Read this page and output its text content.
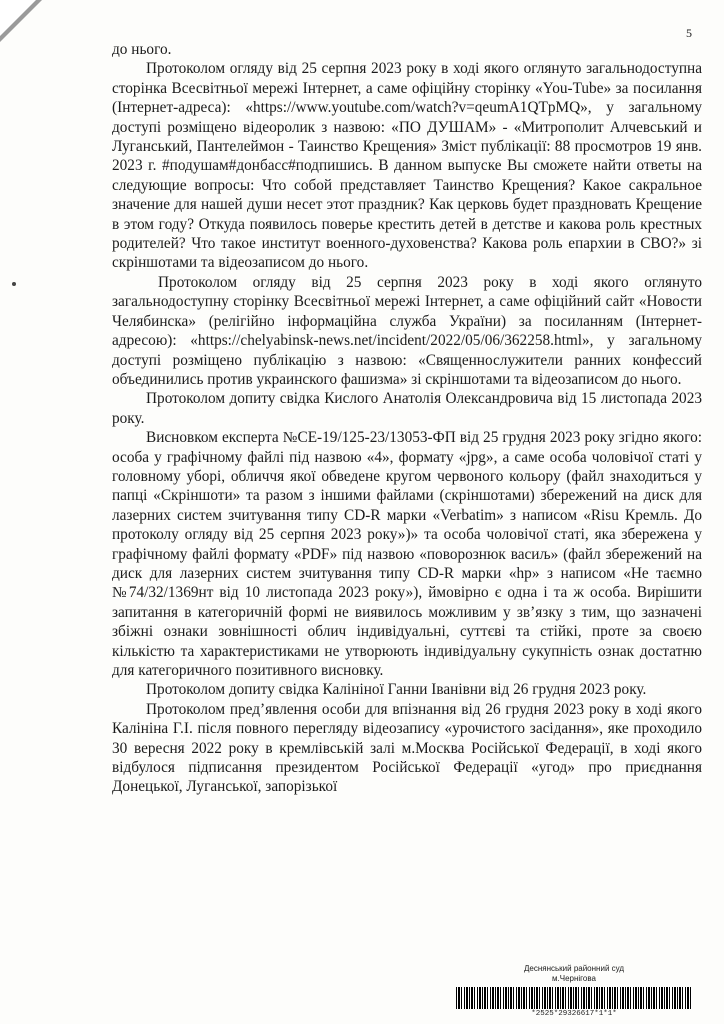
5

до нього.

Протоколом огляду від 25 серпня 2023 року в ході якого оглянуто загальнодоступна сторінка Всесвітньої мережі Інтернет, а саме офіційну сторінку «You-Tube» за посилання (Інтернет-адреса): «https://www.youtube.com/watch?v=qeumA1QTpMQ», у загальному доступі розміщено відеоролик з назвою: «ПО ДУШАМ» - «Митрополит Алчевський и Луганський, Пантелеймон - Таинство Крещения» Зміст публікації: 88 просмотров 19 янв. 2023 г. #подушам#донбасс#подпишись. В данном выпуске Вы сможете найти ответы на следующие вопросы: Что собой представляет Таинство Крещения? Какое сакральное значение для нашей души несет этот праздник? Как церковь будет праздновать Крещение в этом году? Откуда появилось поверье крестить детей в детстве и какова роль крестных родителей? Что такое институт военного-духовенства? Какова роль епархии в СВО?» зі скріншотами та відеозаписом до нього.

Протоколом огляду від 25 серпня 2023 року в ході якого оглянуто загальнодоступну сторінку Всесвітньої мережі Інтернет, а саме офіційний сайт «Новости Челябинска» (релігійно інформаційна служба України) за посиланням (Інтернет-адресою): «https://chelyabinsk-news.net/incident/2022/05/06/362258.html», у загальному доступі розміщено публікацію з назвою: «Священнослужители ранних конфессий объединились против украинского фашизма» зі скріншотами та відеозаписом до нього.

Протоколом допиту свідка Кислого Анатолія Олександровича від 15 листопада 2023 року.

Висновком експерта №СЕ-19/125-23/13053-ФП від 25 грудня 2023 року згідно якого: особа у графічному файлі під назвою «4», формату «jpg», а саме особа чоловічої статі у головному уборі, обличчя якої обведене кругом червоного кольору (файл знаходиться у папці «Скріншоти» та разом з іншими файлами (скріншотами) збережений на диск для лазерних систем зчитування типу CD-R марки «Verbatim» з написом «Risu Кремль. До протоколу огляду від 25 серпня 2023 року»)» та особа чоловічої статі, яка збережена у графічному файлі формату «PDF» під назвою «поворознюк васиљ» (файл збережений на диск для лазерних систем зчитування типу CD-R марки «hp» з написом «Не таємно №74/32/1369нт від 10 листопада 2023 року»), ймовірно є одна і та ж особа. Вирішити запитання в категоричній формі не виявилось можливим у звʼязку з тим, що зазначені збіжні ознаки зовнішності облич індивідуальні, суттєві та стійкі, проте за своєю кількістю та характеристиками не утворюють індивідуальну сукупність ознак достатню для категоричного позитивного висновку.

Протоколом допиту свідка Калініної Ганни Іванівни від 26 грудня 2023 року.

Протоколом предʼявлення особи для впізнання від 26 грудня 2023 року в ході якого Калініна Г.І. після повного перегляду відеозапису «урочистого засідання», яке проходило 30 вересня 2022 року в кремлівській залі м.Москва Російської Федерації, в ході якого відбулося підписання президентом Російської Федерації «угод» про приєднання Донецької, Луганської, запорізької

Деснянський районний суд
м.Чернігова
*2525*29326617*1*1*
